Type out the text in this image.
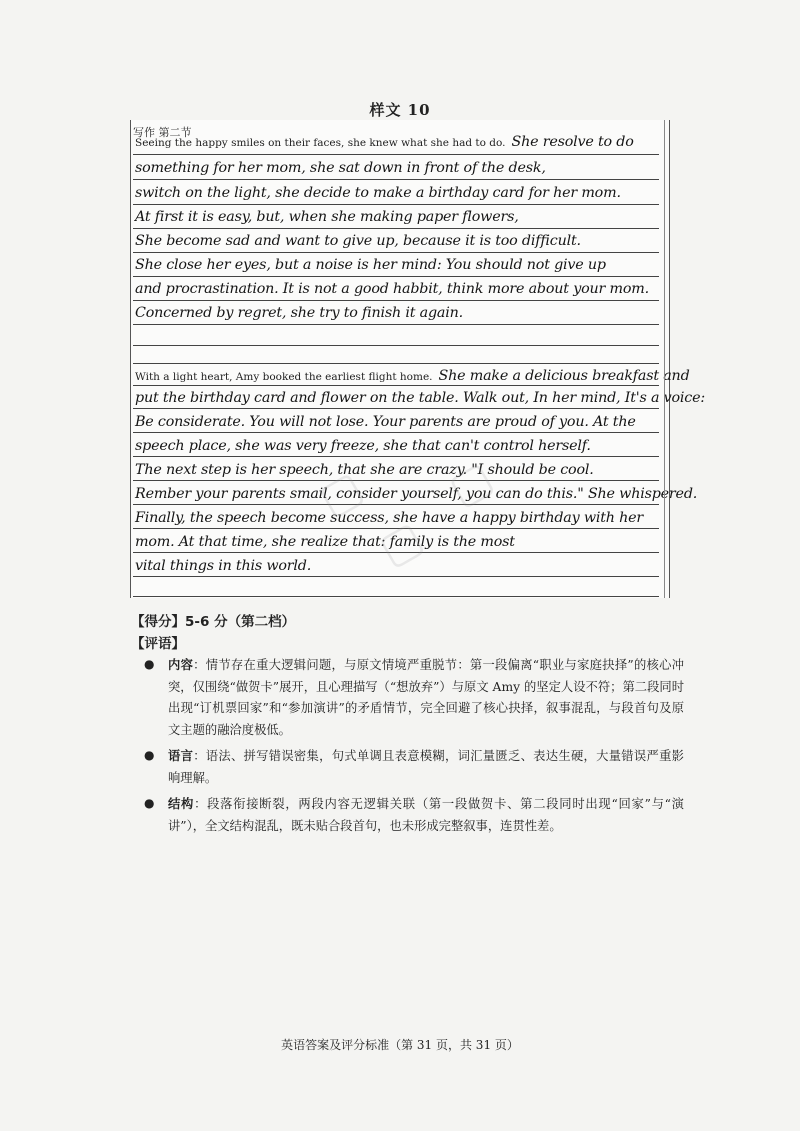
样文 10
写作 第二节
Seeing the happy smiles on their faces, she knew what she had to do. She resolve to do
something for her mom, she sat down in front of the desk,
switch on the light, she decide to make a birthday card for her mom.
At first it is easy, but, when she making paper flowers,
She become sad and want to give up, because it is too difficult.
She close her eyes, but a noise is her mind: You should not give up
and procrastination. It is not a good habbit, think more about your mom.
Concerned by regret, she try to finish it again.
With a light heart, Amy booked the earliest flight home. She make a delicious breakfast and
put the birthday card and flower on the table. Walk out, In her mind, It's a voice:
Be considerate. You will not lose. Your parents are proud of you. At the
speech place, she was very freeze, she that can't control herself.
The next step is her speech, that she are crazy. "I should be cool.
Rember your parents smail, consider yourself, you can do this." She whispered.
Finally, the speech become success, she have a happy birthday with her
mom. At that time, she realize that: family is the most
vital things in this world.
【得分】5-6 分（第二档）
【评语】
● 内容：情节存在重大逻辑问题，与原文情境严重脱节：第一段偏离“职业与家庭抉择”的核心冲突，仅围绕“做贺卡”展开，且心理描写（“想放弃”）与原文 Amy 的坚定人设不符；第二段同时出现“订机票回家”和“参加演讲”的矛盾情节，完全回避了核心抉择，叙事混乱，与段首句及原文主题的融洽度极低。
● 语言：语法、拼写错误密集，句式单调且表意模糊，词汇量匮乏、表达生硬，大量错误严重影响理解。
● 结构：段落衔接断裂，两段内容无逻辑关联（第一段做贺卡、第二段同时出现“回家”与“演讲”），全文结构混乱，既未贴合段首句，也未形成完整叙事，连贯性差。
英语答案及评分标准（第 31 页，共 31 页）
